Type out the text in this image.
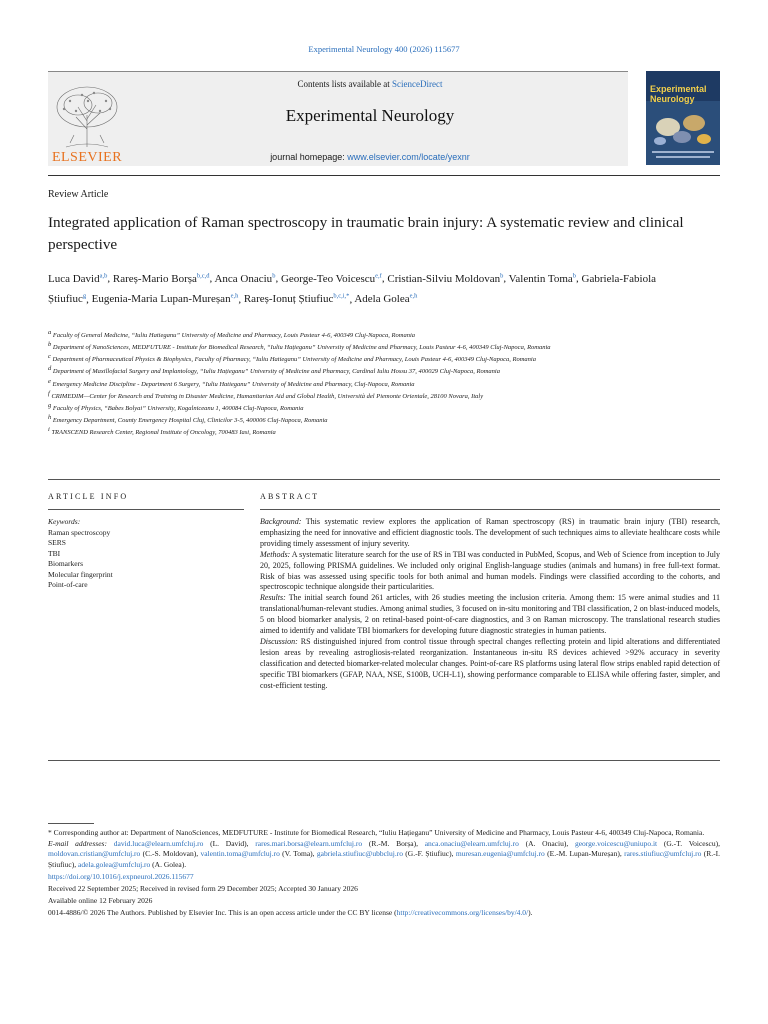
Experimental Neurology 400 (2026) 115677
ELSEVIER
Contents lists available at ScienceDirect
Experimental Neurology
journal homepage: www.elsevier.com/locate/yexnr
Experimental
Neurology
Review Article
Integrated application of Raman spectroscopy in traumatic brain injury: A systematic review and clinical perspective
Luca David$^{a,b}$, Rareș-Mario Borșa$^{b,c,d}$, Anca Onaciu$^b$, George-Teo Voicescu$^{e,f}$, Cristian-Silviu Moldovan$^b$, Valentin Toma$^b$, Gabriela-Fabiola Știufiuc$^g$, Eugenia-Maria Lupan-Mureșan$^{e,h}$, Rareș-Ionuț Știufiuc$^{b,c,i,*}$, Adela Golea$^{e,h}$

$^a$ Faculty of General Medicine, “Iuliu Hatieganu” University of Medicine and Pharmacy, Louis Pasteur 4-6, 400349 Cluj-Napoca, Romania

$^b$ Department of NanoSciences, MEDFUTURE - Institute for Biomedical Research, “Iuliu Hațieganu” University of Medicine and Pharmacy, Louis Pasteur 4-6, 400349 Cluj-Napoca, Romania

$^c$ Department of Pharmaceutical Physics & Biophysics, Faculty of Pharmacy, “Iuliu Hatieganu” University of Medicine and Pharmacy, Louis Pasteur 4-6, 400349 Cluj-Napoca, Romania

$^d$ Department of Maxillofacial Surgery and Implantology, “Iuliu Hațieganu” University of Medicine and Pharmacy, Cardinal Iuliu Hossu 37, 400029 Cluj-Napoca, Romania

$^e$ Emergency Medicine Discipline - Department 6 Surgery, “Iuliu Hatieganu” University of Medicine and Pharmacy, Cluj-Napoca, Romania

$^f$ CRIMEDIM—Center for Research and Training in Disaster Medicine, Humanitarian Aid and Global Health, Università del Piemonte Orientale, 28100 Novara, Italy

$^g$ Faculty of Physics, “Babes Bolyai” University, Kogalniceanu 1, 400084 Cluj-Napoca, Romania

$^h$ Emergency Department, County Emergency Hospital Cluj, Clinicilor 3-5, 400006 Cluj-Napoca, Romania

$^i$ TRANSCEND Research Center, Regional Institute of Oncology, 700483 Iasi, Romania

ARTICLE INFO	ABSTRACT
Keywords:
Raman spectroscopy
SERS
TBI
Biomarkers
Molecular fingerprint
Point-of-care

Background: This systematic review explores the application of Raman spectroscopy (RS) in traumatic brain injury (TBI) research, emphasizing the need for innovative and efficient diagnostic tools. The development of such techniques aims to alleviate healthcare costs while providing timely assessment of injury severity.

Methods: A systematic literature search for the use of RS in TBI was conducted in PubMed, Scopus, and Web of Science from inception to July 20, 2025, following PRISMA guidelines. We included only original English-language studies (animals and humans) in free full-text format. Risk of bias was assessed using specific tools for both animal and human models. Findings were classified according to the cohorts, and spectroscopic technique alongside their particularities.

Results: The initial search found 261 articles, with 26 studies meeting the inclusion criteria. Among them: 15 were animal studies and 11 translational/human-relevant studies. Among animal studies, 3 focused on in-situ monitoring and TBI classification, 2 on blast-induced models, 5 on blood biomarker analysis, 2 on retinal-based point-of-care diagnostics, and 3 on Raman microscopy. The translational research studies aimed to identify and validate TBI biomarkers for developing future diagnostic strategies in human patients.

Discussion: RS distinguished injured from control tissue through spectral changes reflecting protein and lipid alterations and differentiated lesion areas by revealing astrogliosis-related reorganization. Instantaneous in-situ RS devices achieved >92% accuracy in severity classification and detected biomarker-related molecular changes. Point-of-care RS platforms using lateral flow strips enabled rapid detection of specific TBI biomarkers (GFAP, NAA, NSE, S100B, UCH-L1), showing performance comparable to ELISA while offering faster, simpler, and cost-efficient testing.

* Corresponding author at: Department of NanoSciences, MEDFUTURE - Institute for Biomedical Research, “Iuliu Hațieganu” University of Medicine and Pharmacy, Louis Pasteur 4-6, 400349 Cluj-Napoca, Romania.

E-mail addresses: david.luca@elearn.umfcluj.ro (L. David), rares.mari.borsa@elearn.umfcluj.ro (R.-M. Borșa), anca.onaciu@elearn.umfcluj.ro (A. Onaciu), george.voicescu@uniupo.it (G.-T. Voicescu), moldovan.cristian@umfcluj.ro (C.-S. Moldovan), valentin.toma@umfcluj.ro (V. Toma), gabriela.stiufiuc@ubbcluj.ro (G.-F. Știufiuc), muresan.eugenia@umfcluj.ro (E.-M. Lupan-Mureșan), rares.stiufiuc@umfcluj.ro (R.-I. Știufiuc), adela.golea@umfcluj.ro (A. Golea).

https://doi.org/10.1016/j.expneurol.2026.115677
Received 22 September 2025; Received in revised form 29 December 2025; Accepted 30 January 2026
Available online 12 February 2026
0014-4886/© 2026 The Authors. Published by Elsevier Inc. This is an open access article under the CC BY license (http://creativecommons.org/licenses/by/4.0/).
